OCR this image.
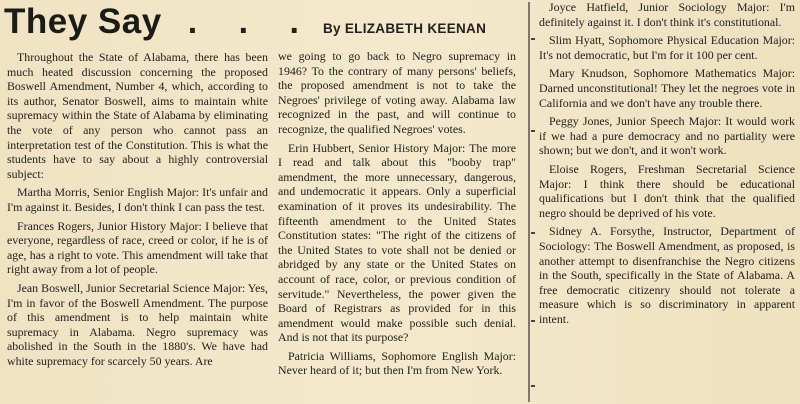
They Say . . . By ELIZABETH KEENAN

Throughout the State of Alabama, there has been much heated discussion concerning the proposed Boswell Amendment, Number 4, which, according to its author, Senator Boswell, aims to maintain white supremacy within the State of Alabama by eliminating the vote of any person who cannot pass an interpretation test of the Constitution. This is what the students have to say about a highly controversial subject:

Martha Morris, Senior English Major: It's unfair and I'm against it. Besides, I don't think I can pass the test.

Frances Rogers, Junior History Major: I believe that everyone, regardless of race, creed or color, if he is of age, has a right to vote. This amendment will take that right away from a lot of people.

Jean Boswell, Junior Secretarial Science Major: Yes, I'm in favor of the Boswell Amendment. The purpose of this amendment is to help maintain white supremacy in Alabama. Negro supremacy was abolished in the South in the 1880's. We have had white supremacy for scarcely 50 years. Are

we going to go back to Negro supremacy in 1946? To the contrary of many persons' beliefs, the proposed amendment is not to take the Negroes' privilege of voting away. Alabama law recognized in the past, and will continue to recognize, the qualified Negroes' votes.

Erin Hubbert, Senior History Major: The more I read and talk about this "booby trap" amendment, the more unnecessary, dangerous, and undemocratic it appears. Only a superficial examination of it proves its undesirability. The fifteenth amendment to the United States Constitution states: "The right of the citizens of the United States to vote shall not be denied or abridged by any state or the United States on account of race, color, or previous condition of servitude." Nevertheless, the power given the Board of Registrars as provided for in this amendment would make possible such denial. And is not that its purpose?

Patricia Williams, Sophomore English Major: Never heard of it; but then I'm from New York.

Joyce Hatfield, Junior Sociology Major: I'm definitely against it. I don't think it's constitutional.

Slim Hyatt, Sophomore Physical Education Major: It's not democratic, but I'm for it 100 per cent.

Mary Knudson, Sophomore Mathematics Major: Darned unconstitutional! They let the negroes vote in California and we don't have any trouble there.

Peggy Jones, Junior Speech Major: It would work if we had a pure democracy and no partiality were shown; but we don't, and it won't work.

Eloise Rogers, Freshman Secretarial Science Major: I think there should be educational qualifications but I don't think that the qualified negro should be deprived of his vote.

Sidney A. Forsythe, Instructor, Department of Sociology: The Boswell Amendment, as proposed, is another attempt to disenfranchise the Negro citizens in the South, specifically in the State of Alabama. A free democratic citizenry should not tolerate a measure which is so discriminatory in apparent intent.
